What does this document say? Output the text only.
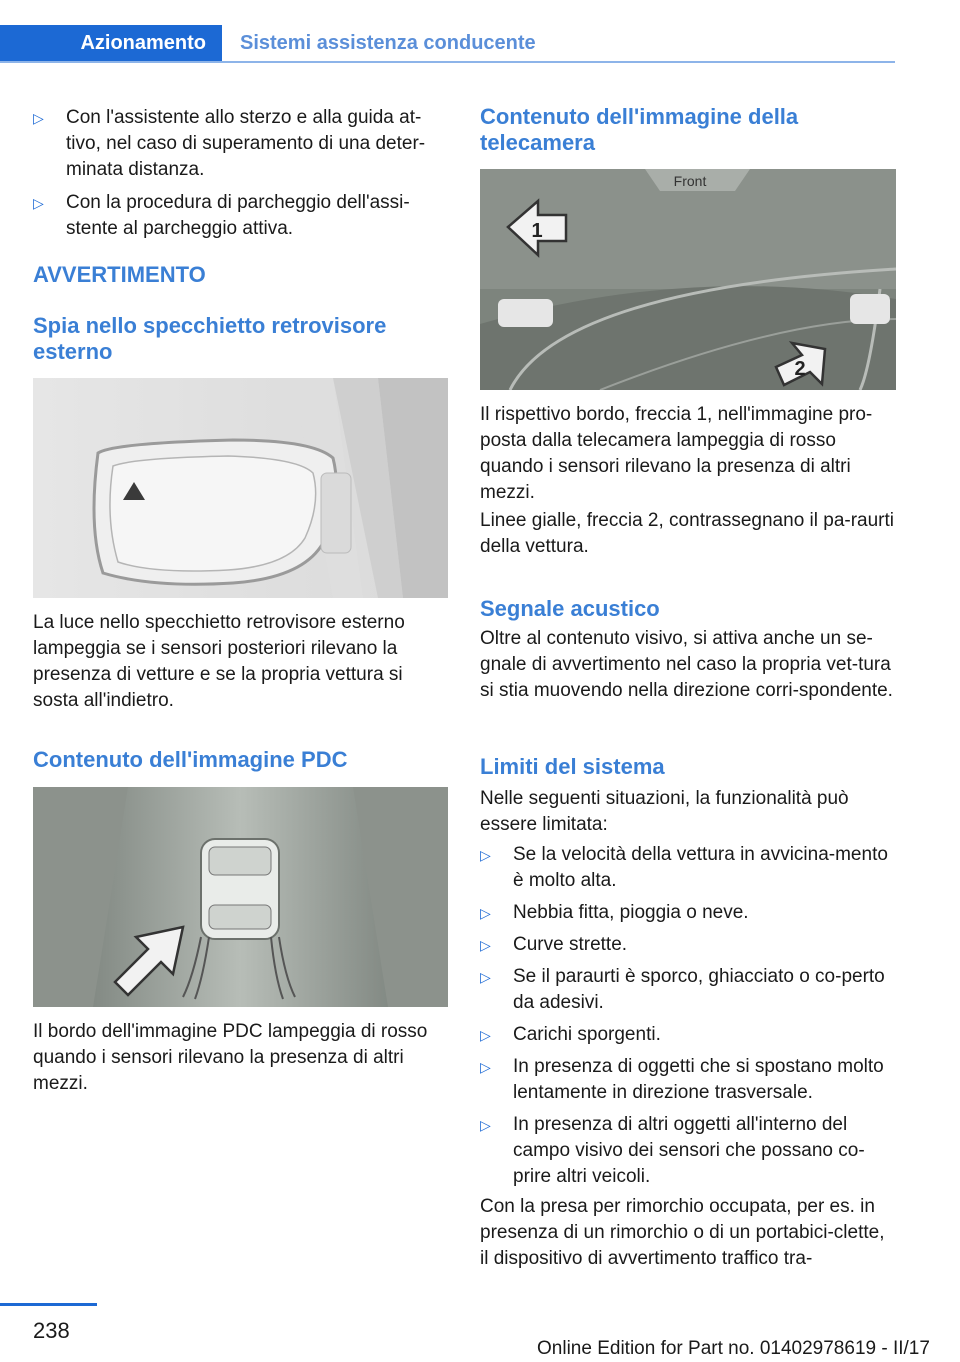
Azionamento	Sistemi assistenza conducente
▷ Con l'assistente allo sterzo e alla guida at-tivo, nel caso di superamento di una deter-minata distanza.
▷ Con la procedura di parcheggio dell'assi-stente al parcheggio attiva.
AVVERTIMENTO
Spia nello specchietto retrovisore esterno
La luce nello specchietto retrovisore esterno lampeggia se i sensori posteriori rilevano la presenza di vetture e se la propria vettura si sosta all'indietro.
Contenuto dell'immagine PDC
Il bordo dell'immagine PDC lampeggia di rosso quando i sensori rilevano la presenza di altri mezzi.
Contenuto dell'immagine della telecamera
Front
1
2
Il rispettivo bordo, freccia 1, nell'immagine pro-posta dalla telecamera lampeggia di rosso quando i sensori rilevano la presenza di altri mezzi.
Linee gialle, freccia 2, contrassegnano il pa-raurti della vettura.
Segnale acustico
Oltre al contenuto visivo, si attiva anche un se-gnale di avvertimento nel caso la propria vet-tura si stia muovendo nella direzione corri-spondente.
Limiti del sistema
Nelle seguenti situazioni, la funzionalità può essere limitata:
▷ Se la velocità della vettura in avvicina-mento è molto alta.
▷ Nebbia fitta, pioggia o neve.
▷ Curve strette.
▷ Se il paraurti è sporco, ghiacciato o co-perto da adesivi.
▷ Carichi sporgenti.
▷ In presenza di oggetti che si spostano molto lentamente in direzione trasversale.
▷ In presenza di altri oggetti all'interno del campo visivo dei sensori che possano co-prire altri veicoli.
Con la presa per rimorchio occupata, per es. in presenza di un rimorchio o di un portabici-clette, il dispositivo di avvertimento traffico tra-
238
Online Edition for Part no. 01402978619 - II/17
